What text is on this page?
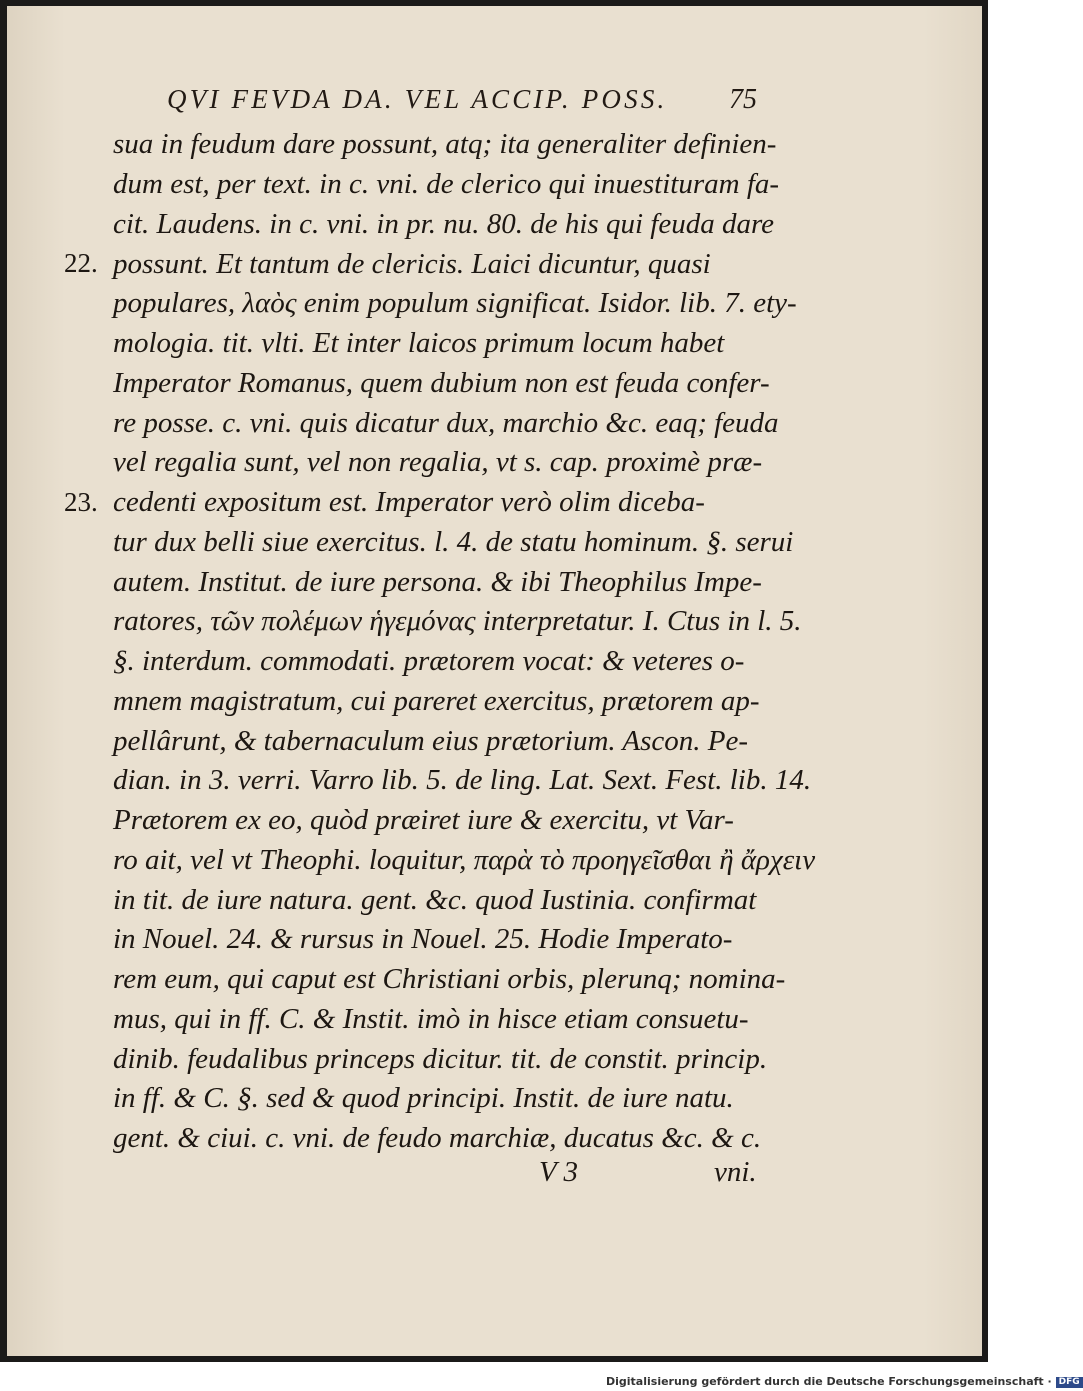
QVI FEVDA DA. VEL ACCIP. POSS.	75
22.
23.
sua in feudum dare possunt, atq; ita generaliter definien-
dum est, per text. in c. vni. de clerico qui inuestituram fa-
cit. Laudens. in c. vni. in pr. nu. 80. de his qui feuda dare
possunt. Et tantum de clericis. Laici dicuntur, quasi
populares, λαὸς enim populum significat. Isidor. lib. 7. ety-
mologia. tit. vlti. Et inter laicos primum locum habet
Imperator Romanus, quem dubium non est feuda confer-
re posse. c. vni. quis dicatur dux, marchio &c. eaq; feuda
vel regalia sunt, vel non regalia, vt s. cap. proximè præ-
cedenti expositum est. Imperator verò olim diceba-
tur dux belli siue exercitus. l. 4. de statu hominum. §. serui
autem. Institut. de iure persona. & ibi Theophilus Impe-
ratores, τῶν πολέμων ἡγεμόνας interpretatur. I. Ctus in l. 5.
§. interdum. commodati. prætorem vocat: & veteres o-
mnem magistratum, cui pareret exercitus, prætorem ap-
pellârunt, & tabernaculum eius prætorium. Ascon. Pe-
dian. in 3. verri. Varro lib. 5. de ling. Lat. Sext. Fest. lib. 14.
Prætorem ex eo, quòd præiret iure & exercitu, vt Var-
ro ait, vel vt Theophi. loquitur, παρὰ τὸ προηγεῖσθαι ἢ ἄρχειν
in tit. de iure natura. gent. &c. quod Iustinia. confirmat
in Nouel. 24. & rursus in Nouel. 25. Hodie Imperato-
rem eum, qui caput est Christiani orbis, plerunq; nomina-
mus, qui in ff. C. & Instit. imò in hisce etiam consuetu-
dinib. feudalibus princeps dicitur. tit. de constit. princip.
in ff. & C. §. sed & quod principi. Instit. de iure natu.
gent. & ciui. c. vni. de feudo marchiæ, ducatus &c. & c.
V 3	vni.
Digitalisierung gefördert durch die Deutsche Forschungsgemeinschaft · DFG
